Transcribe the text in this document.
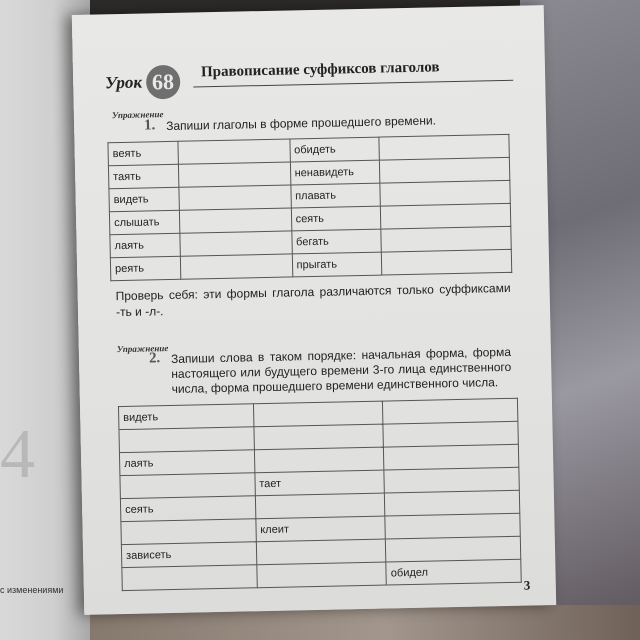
4
с изменениями
Урок 68	Правописание суффиксов глаголов
Упражнение
1. Запиши глаголы в форме прошедшего времени.
веять		обидеть	
таять		ненавидеть	
видеть		плавать	
слышать		сеять	
лаять		бегать	
реять		прыгать	
Проверь себя: эти формы глагола различаются только суффиксами -ть и -л-.
Упражнение
2. Запиши слова в таком порядке: начальная форма, форма настоящего или будущего времени 3-го лица единственного числа, форма прошедшего времени единственного числа.
видеть		

лаять		
	тает	
сеять		
	клеит	
зависеть		
		обидел
3
